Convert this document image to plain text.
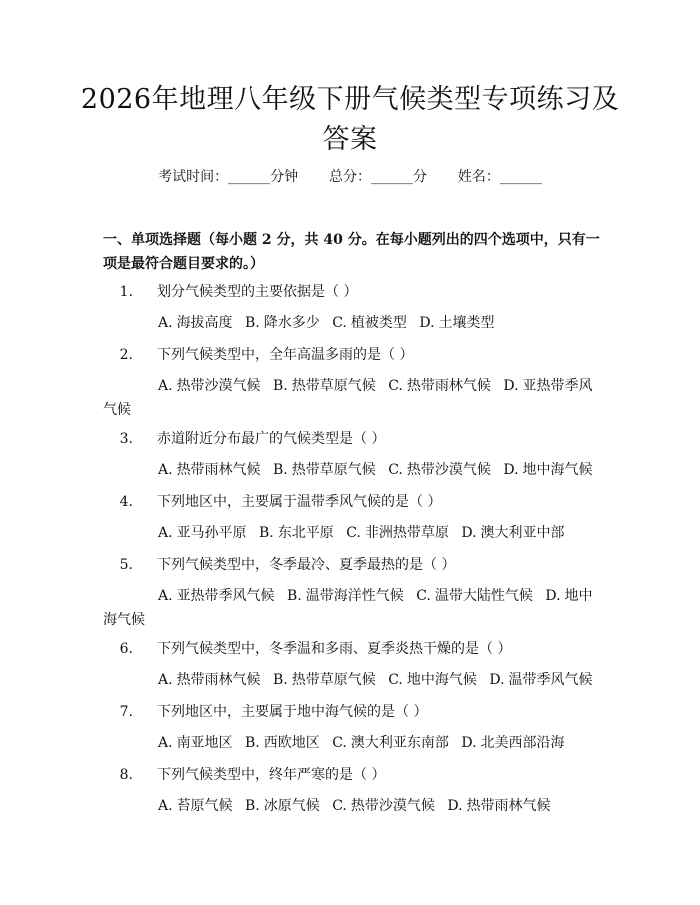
2026年地理八年级下册气候类型专项练习及答案
考试时间：______分钟 总分：______分 姓名：______
一、单项选择题（每小题 2 分，共 40 分。在每小题列出的四个选项中，只有一项是最符合题目要求的。）
1. 划分气候类型的主要依据是（ ）
A. 海拔高度 B. 降水多少 C. 植被类型 D. 土壤类型
2. 下列气候类型中，全年高温多雨的是（ ）
A. 热带沙漠气候 B. 热带草原气候 C. 热带雨林气候 D. 亚热带季风气候
3. 赤道附近分布最广的气候类型是（ ）
A. 热带雨林气候 B. 热带草原气候 C. 热带沙漠气候 D. 地中海气候
4. 下列地区中，主要属于温带季风气候的是（ ）
A. 亚马孙平原 B. 东北平原 C. 非洲热带草原 D. 澳大利亚中部
5. 下列气候类型中，冬季最冷、夏季最热的是（ ）
A. 亚热带季风气候 B. 温带海洋性气候 C. 温带大陆性气候 D. 地中海气候
6. 下列气候类型中，冬季温和多雨、夏季炎热干燥的是（ ）
A. 热带雨林气候 B. 热带草原气候 C. 地中海气候 D. 温带季风气候
7. 下列地区中，主要属于地中海气候的是（ ）
A. 南亚地区 B. 西欧地区 C. 澳大利亚东南部 D. 北美西部沿海
8. 下列气候类型中，终年严寒的是（ ）
A. 苔原气候 B. 冰原气候 C. 热带沙漠气候 D. 热带雨林气候
